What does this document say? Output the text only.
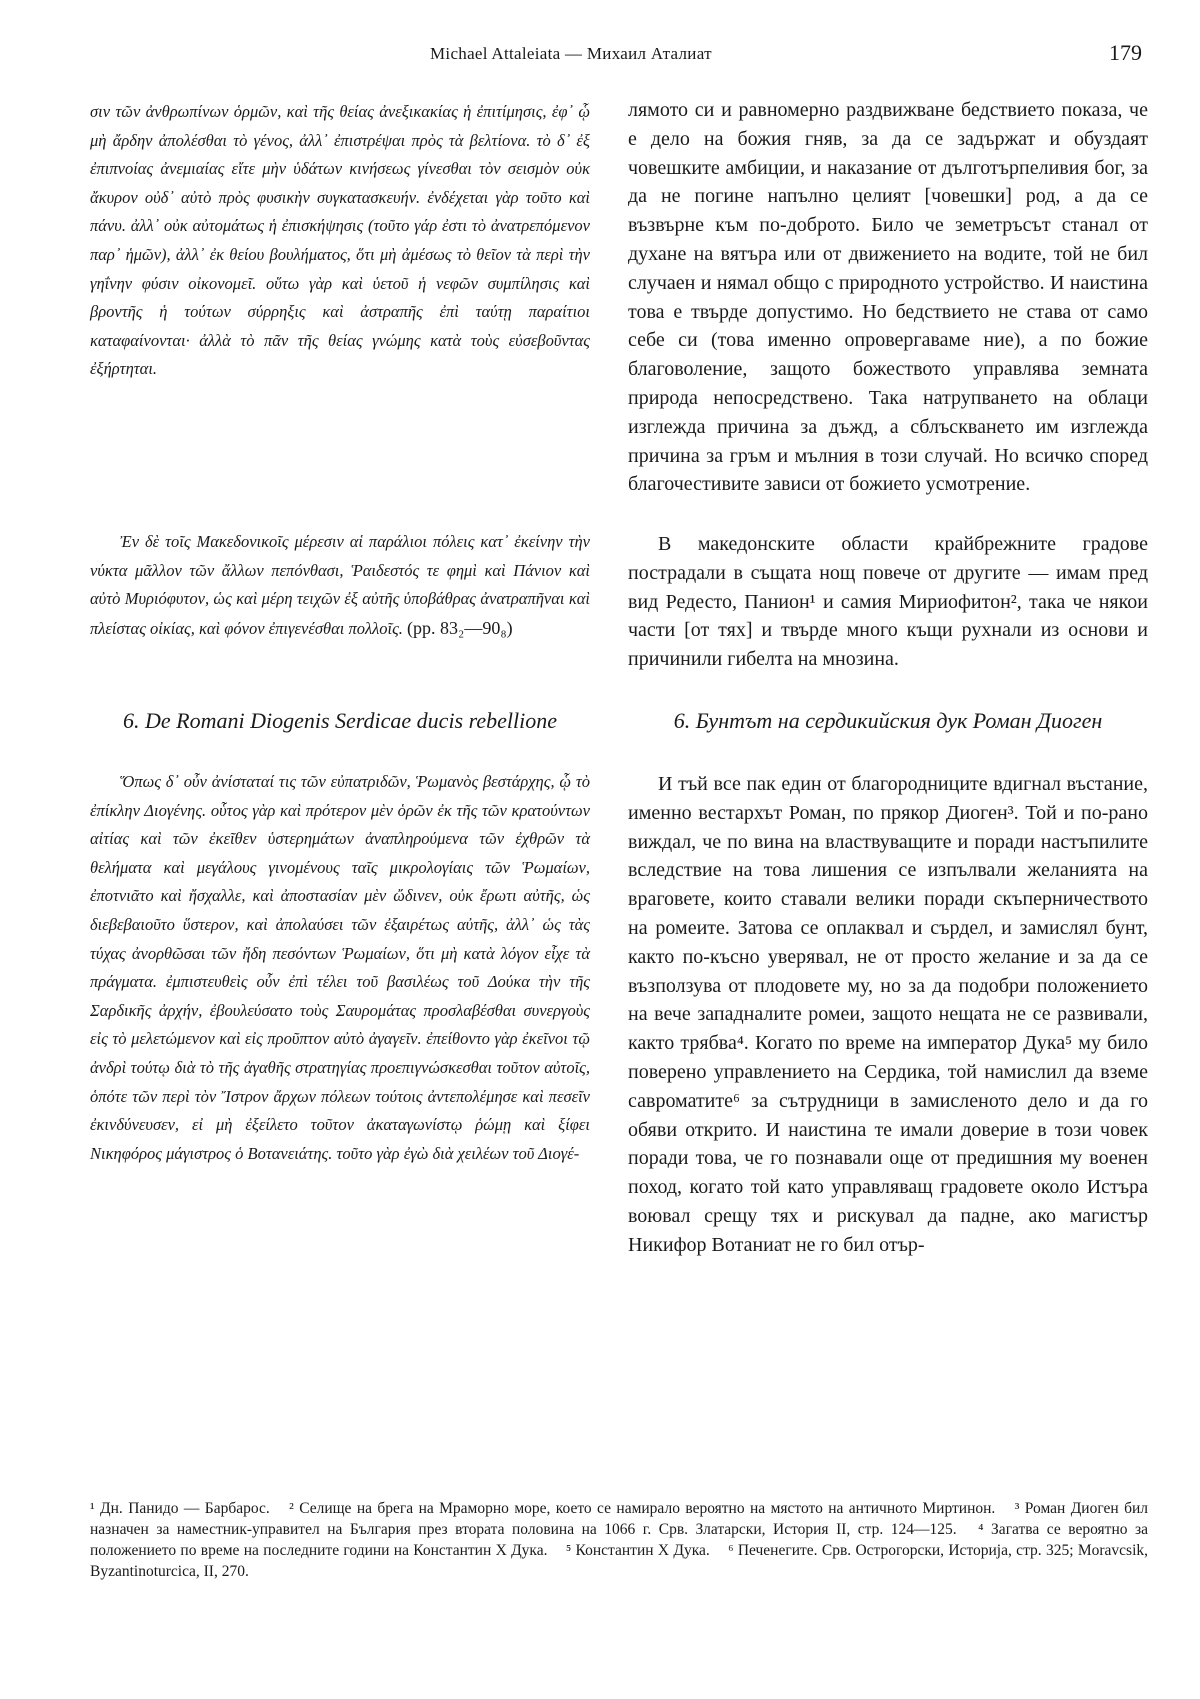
Michael Attaleiata — Михаил Аталиат	179

σιν τῶν ἀνθρωπίνων ὁρμῶν, καὶ τῆς θείας ἀνεξικακίας ἡ ἐπιτίμησις, ἐφ᾽ ᾧ μὴ ἄρδην ἀπολέσθαι τὸ γένος, ἀλλ᾽ ἐπιστρέψαι πρὸς τὰ βελτίονα. τὸ δ᾽ ἐξ ἐπιπνοίας ἀνεμιαίας εἴτε μὴν ὑδάτων κινήσεως γίνεσθαι τὸν σεισμὸν οὐκ ἄκυρον οὐδ᾽ αὐτὸ πρὸς φυσικὴν συγκατασκευήν. ἐνδέχεται γὰρ τοῦτο καὶ πάνυ. ἀλλ᾽ οὐκ αὐτομάτως ἡ ἐπισκήψησις (τοῦτο γάρ ἐστι τὸ ἀνατρεπόμενον παρ᾽ ἡμῶν), ἀλλ᾽ ἐκ θείου βουλήματος, ὅτι μὴ ἀμέσως τὸ θεῖον τὰ περὶ τὴν γηΐνην φύσιν οἰκονομεῖ. οὕτω γὰρ καὶ ὑετοῦ ἡ νεφῶν συμπίλησις καὶ βροντῆς ἡ τούτων σύρρηξις καὶ ἀστραπῆς ἐπὶ ταύτῃ παραίτιοι καταφαίνονται· ἀλλὰ τὸ πᾶν τῆς θείας γνώμης κατὰ τοὺς εὐσεβοῦντας ἐξήρτηται.

Ἐν δὲ τοῖς Μακεδονικοῖς μέρεσιν αἱ παράλιοι πόλεις κατ᾽ ἐκείνην τὴν νύκτα μᾶλλον τῶν ἄλλων πεπόνθασι, Ῥαιδεστός τε φημὶ καὶ Πάνιον καὶ αὐτὸ Μυριόφυτον, ὡς καὶ μέρη τειχῶν ἐξ αὐτῆς ὑποβάθρας ἀνατραπῆναι καὶ πλείστας οἰκίας, καὶ φόνον ἐπιγενέσθαι πολλοῖς. (pp. 83₂—90₈)

6. De Romani Diogenis Serdicae ducis rebellione

Ὅπως δ᾽ οὖν ἀνίσταταί τις τῶν εὐπατριδῶν, Ῥωμανὸς βεστάρχης, ᾧ τὸ ἐπίκλην Διογένης. οὗτος γὰρ καὶ πρότερον μὲν ὁρῶν ἐκ τῆς τῶν κρατούντων αἰτίας καὶ τῶν ἐκεῖθεν ὑστερημάτων ἀναπληρούμενα τῶν ἐχθρῶν τὰ θελήματα καὶ μεγάλους γινομένους ταῖς μικρολογίαις τῶν Ῥωμαίων, ἐποτνιᾶτο καὶ ἤσχαλλε, καὶ ἀποστασίαν μὲν ὤδινεν, οὐκ ἔρωτι αὐτῆς, ὡς διεβεβαιοῦτο ὕστερον, καὶ ἀπολαύσει τῶν ἐξαιρέτως αὐτῆς, ἀλλ᾽ ὡς τὰς τύχας ἀνορθῶσαι τῶν ἤδη πεσόντων Ῥωμαίων, ὅτι μὴ κατὰ λόγον εἶχε τὰ πράγματα. ἐμπιστευθεὶς οὖν ἐπὶ τέλει τοῦ βασιλέως τοῦ Δούκα τὴν τῆς Σαρδικῆς ἀρχήν, ἐβουλεύσατο τοὺς Σαυρομάτας προσλαβέσθαι συνεργοὺς εἰς τὸ μελετώμενον καὶ εἰς προῦπτον αὐτὸ ἀγαγεῖν. ἐπείθοντο γὰρ ἐκεῖνοι τῷ ἀνδρὶ τούτῳ διὰ τὸ τῆς ἀγαθῆς στρατηγίας προεπιγνώσκεσθαι τοῦτον αὐτοῖς, ὁπότε τῶν περὶ τὸν Ἴστρον ἄρχων πόλεων τούτοις ἀντεπολέμησε καὶ πεσεῖν ἐκινδύνευσεν, εἰ μὴ ἐξείλετο τοῦτον ἀκαταγωνίστῳ ῥώμῃ καὶ ξίφει Νικηφόρος μάγιστρος ὁ Βοτανειάτης. τοῦτο γὰρ ἐγὼ διὰ χειλέων τοῦ Διογέ-

лямото си и равномерно раздвижване бедствието показа, че е дело на божия гняв, за да се задържат и обуздаят човешките амбиции, и наказание от дълготърпеливия бог, за да не погине напълно целият [човешки] род, а да се възвърне към по-доброто. Било че земетръсът станал от духане на вятъра или от движението на водите, той не бил случаен и нямал общо с природното устройство. И наистина това е твърде допустимо. Но бедствието не става от само себе си (това именно опровергаваме ние), а по божие благоволение, защото божеството управлява земната природа непосредствено. Така натрупването на облаци изглежда причина за дъжд, а сблъскването им изглежда причина за гръм и мълния в този случай. Но всичко според благочестивите зависи от божието усмотрение.

В македонските области крайбрежните градове пострадали в същата нощ повече от другите — имам пред вид Редесто, Панион¹ и самия Мириофитон², така че някои части [от тях] и твърде много къщи рухнали из основи и причинили гибелта на мнозина.

6. Бунтът на сердикийския дук Роман Диоген

И тъй все пак един от благородниците вдигнал въстание, именно вестархът Роман, по прякор Диоген³. Той и по-рано виждал, че по вина на властвуващите и поради настъпилите вследствие на това лишения се изпълвали желанията на враговете, които ставали велики поради скъперничеството на ромеите. Затова се оплаквал и сърдел, и замислял бунт, както по-късно уверявал, не от просто желание и за да се възползува от плодовете му, но за да подобри положението на вече западналите ромеи, защото нещата не се развивали, както трябва⁴. Когато по време на император Дука⁵ му било поверено управлението на Сердика, той намислил да вземе савроматите⁶ за сътрудници в замисленото дело и да го обяви открито. И наистина те имали доверие в този човек поради това, че го познавали още от предишния му военен поход, когато той като управляващ градовете около Истъра воювал срещу тях и рискувал да падне, ако магистър Никифор Вотаниат не го бил отър-

¹ Дн. Панидо — Барбарос. ² Селище на брега на Мраморно море, което се намирало вероятно на мястото на античното Миртинон. ³ Роман Диоген бил назначен за наместник-управител на България през втората половина на 1066 г. Срв. Златарски, История II, стр. 124—125. ⁴ Загатва се вероятно за положението по време на последните години на Константин X Дука. ⁵ Константин X Дука. ⁶ Печенегите. Срв. Острогорски, Историја, стр. 325; Moravcsik, Byzantinoturcica, II, 270.
